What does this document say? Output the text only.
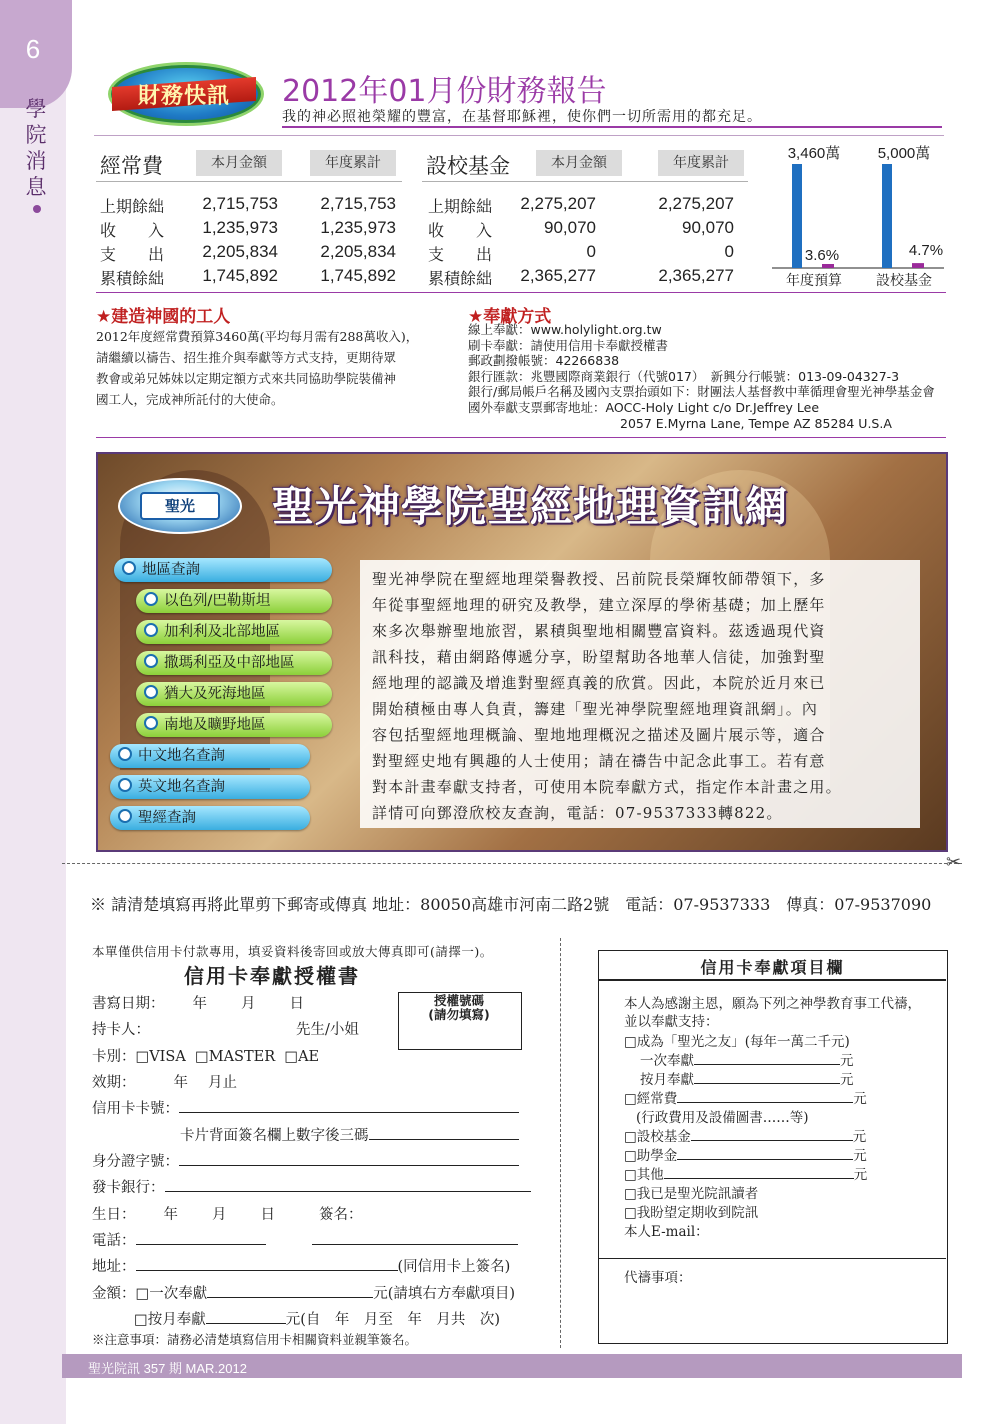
6
學院消息
財務快訊	2012年01月份財務報告
我的神必照祂榮耀的豐富，在基督耶穌裡，使你們一切所需用的都充足。
經常費	本月金額	年度累計
上期餘絀	2,715,753	2,715,753
收　　入	1,235,973	1,235,973
支　　出	2,205,834	2,205,834
累積餘絀	1,745,892	1,745,892
設校基金	本月金額	年度累計
上期餘絀	2,275,207	2,275,207
收　　入	90,070	90,070
支　　出	0	0
累積餘絀	2,365,277	2,365,277
3,460萬
3.6%
年度預算
5,000萬
4.7%
設校基金
★建造神國的工人
2012年度經常費預算3460萬(平均每月需有288萬收入)，
請繼續以禱告、招生推介與奉獻等方式支持，更期待眾
教會或弟兄姊妹以定期定額方式來共同協助學院裝備神
國工人，完成神所託付的大使命。
★奉獻方式
線上奉獻：www.holylight.org.tw
刷卡奉獻：請使用信用卡奉獻授權書
郵政劃撥帳號：42266838
銀行匯款：兆豐國際商業銀行（代號017）　新興分行帳號：013-09-04327-3
銀行/郵局帳戶名稱及國內支票抬頭如下：財團法人基督教中華循理會聖光神學基金會
國外奉獻支票郵寄地址：AOCC-Holy Light c/o Dr.Jeffrey Lee
2057 E.Myrna Lane, Tempe AZ 85284 U.S.A
聖光	聖光神學院聖經地理資訊網
地區查詢
以色列/巴勒斯坦
加利利及北部地區
撒瑪利亞及中部地區
猶大及死海地區
南地及曠野地區
中文地名查詢
英文地名查詢
聖經查詢
聖光神學院在聖經地理榮譽教授、呂前院長榮輝牧師帶領下，多
年從事聖經地理的研究及教學，建立深厚的學術基礎；加上歷年
來多次舉辦聖地旅習，累積與聖地相關豐富資料。茲透過現代資
訊科技，藉由網路傳遞分享，盼望幫助各地華人信徒，加強對聖
經地理的認識及增進對聖經真義的欣賞。因此，本院於近月來已
開始積極由專人負責，籌建「聖光神學院聖經地理資訊網」。內
容包括聖經地理概論、聖地地理概況之描述及圖片展示等，適合
對聖經史地有興趣的人士使用；請在禱告中記念此事工。若有意
對本計畫奉獻支持者，可使用本院奉獻方式，指定作本計畫之用。
詳情可向鄧澄欣校友查詢，電話：07-9537333轉822。
✂
※ 請清楚填寫再將此單剪下郵寄或傳真 地址：80050高雄市河南二路2號　電話：07-9537333　傳真：07-9537090
本單僅供信用卡付款專用，填妥資料後寄回或放大傳真即可(請擇一)。
信用卡奉獻授權書
授權號碼
(請勿填寫)
書寫日期： 年 月 日
持卡人：	先生/小姐
卡別：□VISA □MASTER □AE
效期：	年 月止
信用卡卡號：
卡片背面簽名欄上數字後三碼
身分證字號：
發卡銀行：
生日： 年 月 日	簽名：
電話：
地址：	(同信用卡上簽名)
金額：□一次奉獻	元(請填右方奉獻項目)
□按月奉獻	元(自　年　月至　年　月共　次)
※注意事項：請務必清楚填寫信用卡相關資料並親筆簽名。
信用卡奉獻項目欄
本人為感謝主恩，願為下列之神學教育事工代禱，
並以奉獻支持：
□成為「聖光之友」(每年一萬二千元)
一次奉獻	元
按月奉獻	元
□經常費	元
(行政費用及設備圖書……等)
□設校基金	元
□助學金	元
□其他	元
□我已是聖光院訊讀者
□我盼望定期收到院訊
本人E-mail：
代禱事項：
聖光院訊 357 期 MAR.2012
